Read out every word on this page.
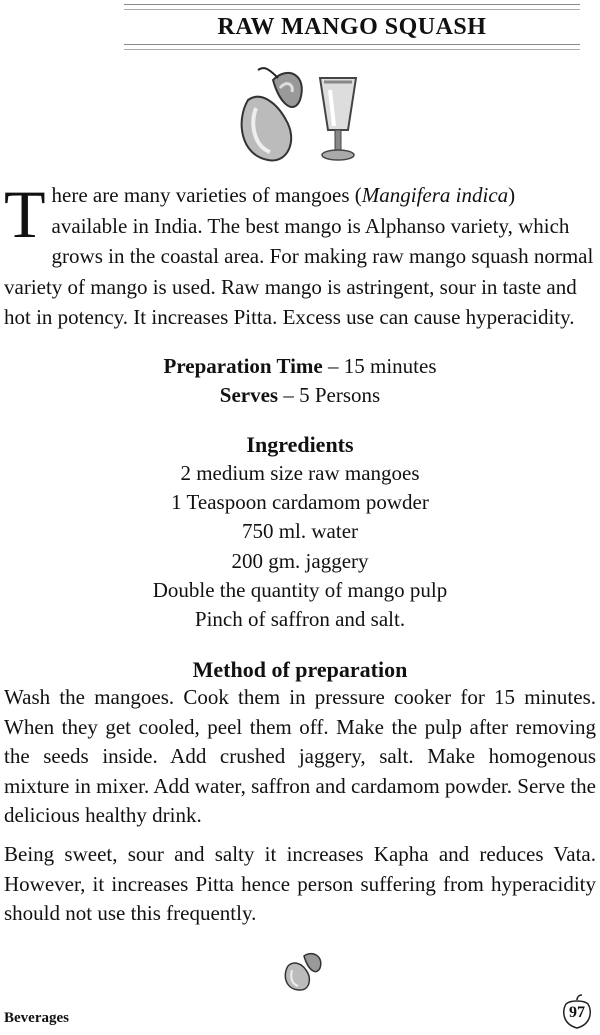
RAW MANGO SQUASH
There are many varieties of mangoes (Mangifera indica) available in India. The best mango is Alphanso variety, which grows in the coastal area. For making raw mango squash normal variety of mango is used. Raw mango is astringent, sour in taste and hot in potency. It increases Pitta. Excess use can cause hyperacidity.
Preparation Time – 15 minutes
Serves – 5 Persons
Ingredients
2 medium size raw mangoes
1 Teaspoon cardamom powder
750 ml. water
200 gm. jaggery
Double the quantity of mango pulp
Pinch of saffron and salt.
Method of preparation
Wash the mangoes. Cook them in pressure cooker for 15 minutes. When they get cooled, peel them off. Make the pulp after removing the seeds inside. Add crushed jaggery, salt. Make homogenous mixture in mixer. Add water, saffron and cardamom powder. Serve the delicious healthy drink.
Being sweet, sour and salty it increases Kapha and reduces Vata. However, it increases Pitta hence person suffering from hyperacidity should not use this frequently.
Beverages	97
